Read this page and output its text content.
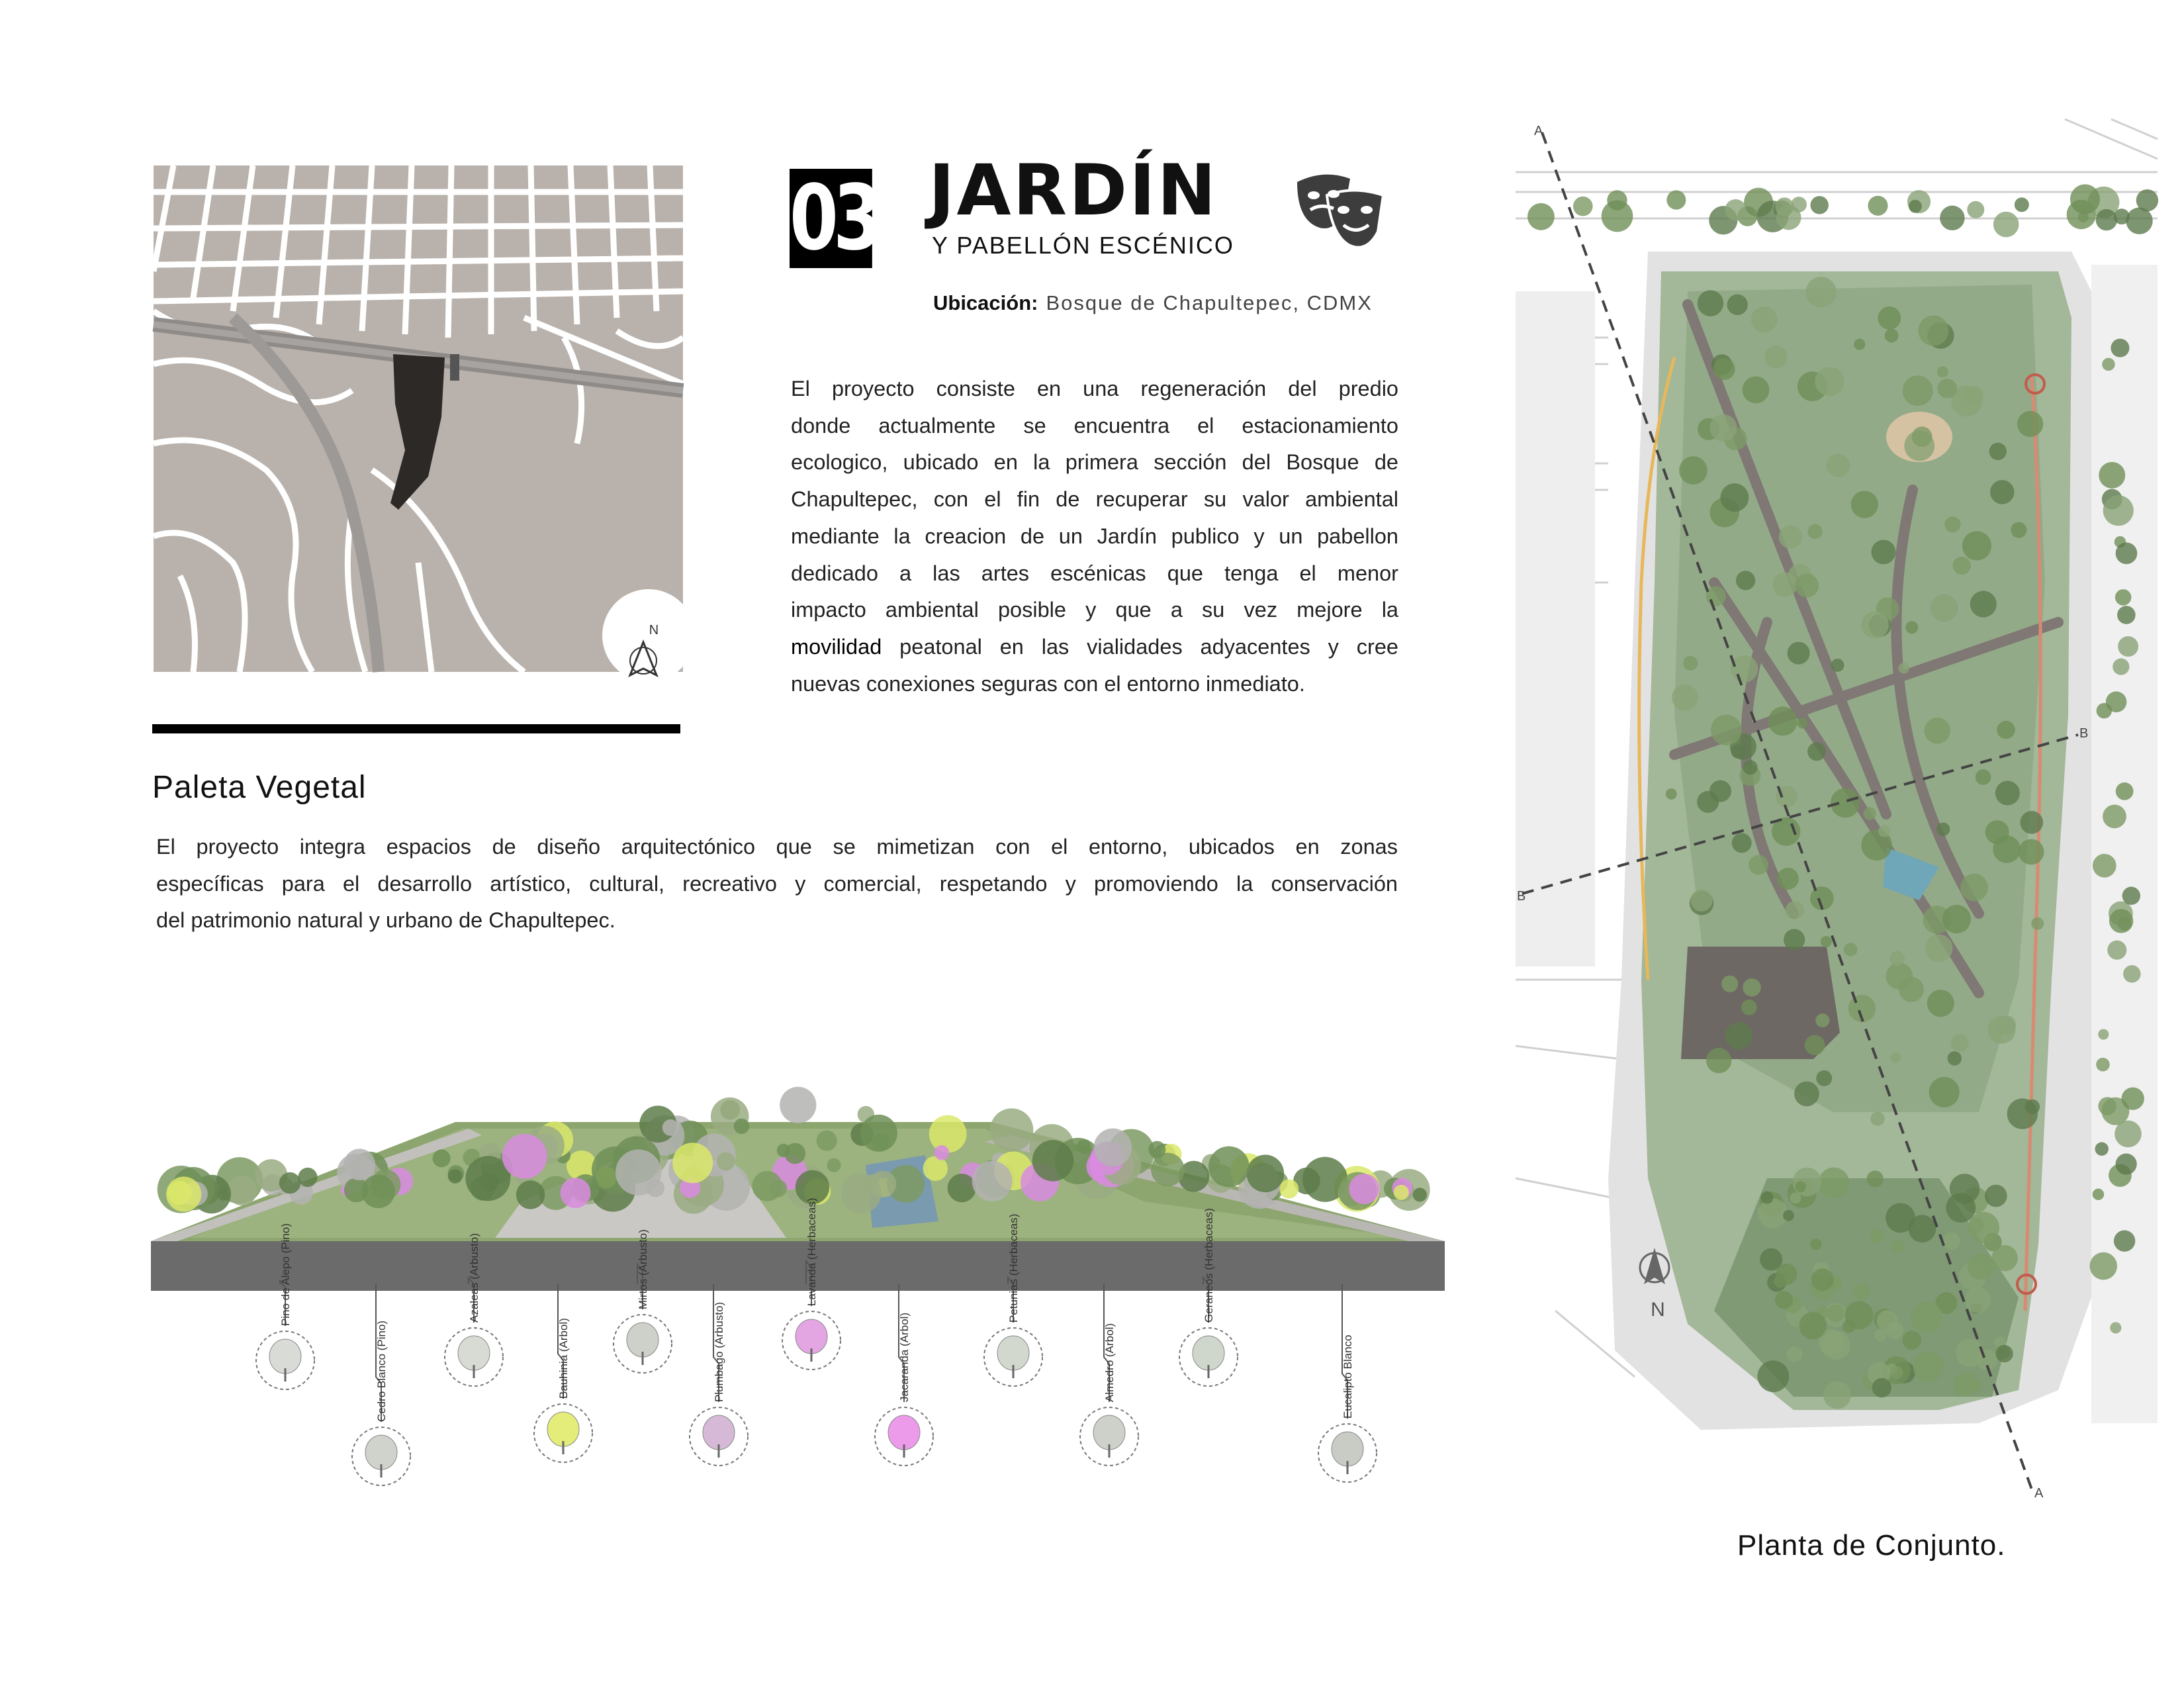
N
03 JARDÍN
Y PABELLÓN ESCÉNICO
Ubicación: Bosque de Chapultepec, CDMX
El proyecto consiste en una regeneración del predio
donde actualmente se encuentra el estacionamiento
ecologico, ubicado en la primera sección del Bosque de
Chapultepec, con el fin de recuperar su valor ambiental
mediante la creacion de un Jardín publico y un pabellon
dedicado a las artes escénicas que tenga el menor
impacto ambiental posible y que a su vez mejore la
movilidad peatonal en las vialidades adyacentes y cree
nuevas conexiones seguras con el entorno inmediato.
Paleta Vegetal
El proyecto integra espacios de diseño arquitectónico que se mimetizan con el entorno, ubicados en zonas
específicas para el desarrollo artístico, cultural, recreativo y comercial, respetando y promoviendo la conservación
del patrimonio natural y urbano de Chapultepec.
Pino de Alepo (Pino)
Cedro Blanco (Pino)
Azaleas (Arbusto)
Bauhinia (Arbol)
Mirtos (Arbusto)
Plumbago (Arbusto)
Lavanda (Herbaceas)
Jacaranda (Arbol)
Petunias (Herbaceas)
Almedro (Arbol)
Geraneos (Herbaceas)
Eucalipto Blanco
A
A
B
B
N
Planta de Conjunto.
